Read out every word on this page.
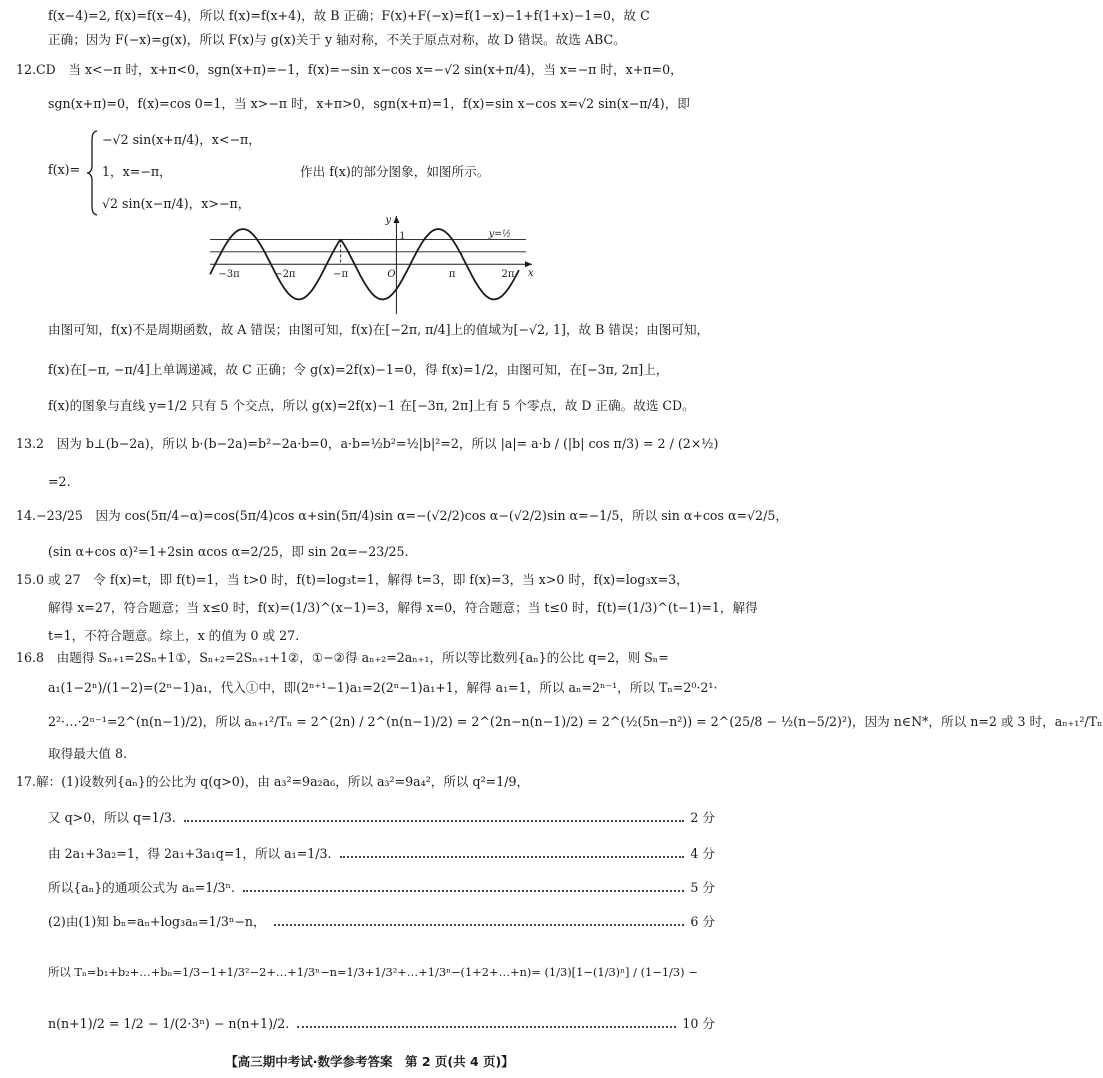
f(x−4)=2, f(x)=f(x−4)，所以 f(x)=f(x+4)，故 B 正确；F(x)+F(−x)=f(1−x)−1+f(1+x)−1=0，故 C
正确；因为 F(−x)=g(x)，所以 F(x)与 g(x)关于 y 轴对称，不关于原点对称，故 D 错误。故选 ABC。
12.CD　当 x<−π 时，x+π<0，sgn(x+π)=−1，f(x)=−sin x−cos x=−√2 sin(x+π/4)，当 x=−π 时，x+π=0，
sgn(x+π)=0，f(x)=cos 0=1，当 x>−π 时，x+π>0，sgn(x+π)=1，f(x)=sin x−cos x=√2 sin(x−π/4)，即
f(x)=
−√2 sin(x+π/4)，x<−π，
1，x=−π，	作出 f(x)的部分图象，如图所示。
√2 sin(x−π/4)，x>−π，
−3π	−2π	−π	π	2π
O
y
x
1	y=½
由图可知，f(x)不是周期函数，故 A 错误；由图可知，f(x)在[−2π, π/4]上的值域为[−√2, 1]，故 B 错误；由图可知，
f(x)在[−π, −π/4]上单调递减，故 C 正确；令 g(x)=2f(x)−1=0，得 f(x)=1/2，由图可知，在[−3π, 2π]上，
f(x)的图象与直线 y=1/2 只有 5 个交点，所以 g(x)=2f(x)−1 在[−3π, 2π]上有 5 个零点，故 D 正确。故选 CD。
13.2　因为 b⊥(b−2a)，所以 b·(b−2a)=b²−2a·b=0，a·b=½b²=½|b|²=2，所以 |a|= a·b / (|b| cos π/3) = 2 / (2×½)
=2.
14.−23/25　因为 cos(5π/4−α)=cos(5π/4)cos α+sin(5π/4)sin α=−(√2/2)cos α−(√2/2)sin α=−1/5，所以 sin α+cos α=√2/5，
(sin α+cos α)²=1+2sin αcos α=2/25，即 sin 2α=−23/25.
15.0 或 27　令 f(x)=t，即 f(t)=1，当 t>0 时，f(t)=log₃t=1，解得 t=3，即 f(x)=3，当 x>0 时，f(x)=log₃x=3，
解得 x=27，符合题意；当 x≤0 时，f(x)=(1/3)^(x−1)=3，解得 x=0，符合题意；当 t≤0 时，f(t)=(1/3)^(t−1)=1，解得
t=1，不符合题意。综上，x 的值为 0 或 27.
16.8　由题得 Sₙ₊₁=2Sₙ+1①，Sₙ₊₂=2Sₙ₊₁+1②，①−②得 aₙ₊₂=2aₙ₊₁，所以等比数列{aₙ}的公比 q=2，则 Sₙ=
a₁(1−2ⁿ)/(1−2)=(2ⁿ−1)a₁，代入①中，即(2ⁿ⁺¹−1)a₁=2(2ⁿ−1)a₁+1，解得 a₁=1，所以 aₙ=2ⁿ⁻¹，所以 Tₙ=2⁰·2¹·
2²·…·2ⁿ⁻¹=2^(n(n−1)/2)，所以 aₙ₊₁²/Tₙ = 2^(2n) / 2^(n(n−1)/2) = 2^(2n−n(n−1)/2) = 2^(½(5n−n²)) = 2^(25/8 − ½(n−5/2)²)，因为 n∈N*，所以 n=2 或 3 时，aₙ₊₁²/Tₙ
取得最大值 8.
17.解：(1)设数列{aₙ}的公比为 q(q>0)，由 a₃²=9a₂a₆，所以 a₃²=9a₄²，所以 q²=1/9，
又 q>0，所以 q=1/3.	2 分
由 2a₁+3a₂=1，得 2a₁+3a₁q=1，所以 a₁=1/3.	4 分
所以{aₙ}的通项公式为 aₙ=1/3ⁿ.	5 分
(2)由(1)知 bₙ=aₙ+log₃aₙ=1/3ⁿ−n，	6 分
所以 Tₙ=b₁+b₂+…+bₙ=1/3−1+1/3²−2+…+1/3ⁿ−n=1/3+1/3²+…+1/3ⁿ−(1+2+…+n)= (1/3)[1−(1/3)ⁿ] / (1−1/3) −
n(n+1)/2 = 1/2 − 1/(2·3ⁿ) − n(n+1)/2.	10 分
【高三期中考试·数学参考答案　第 2 页(共 4 页)】
